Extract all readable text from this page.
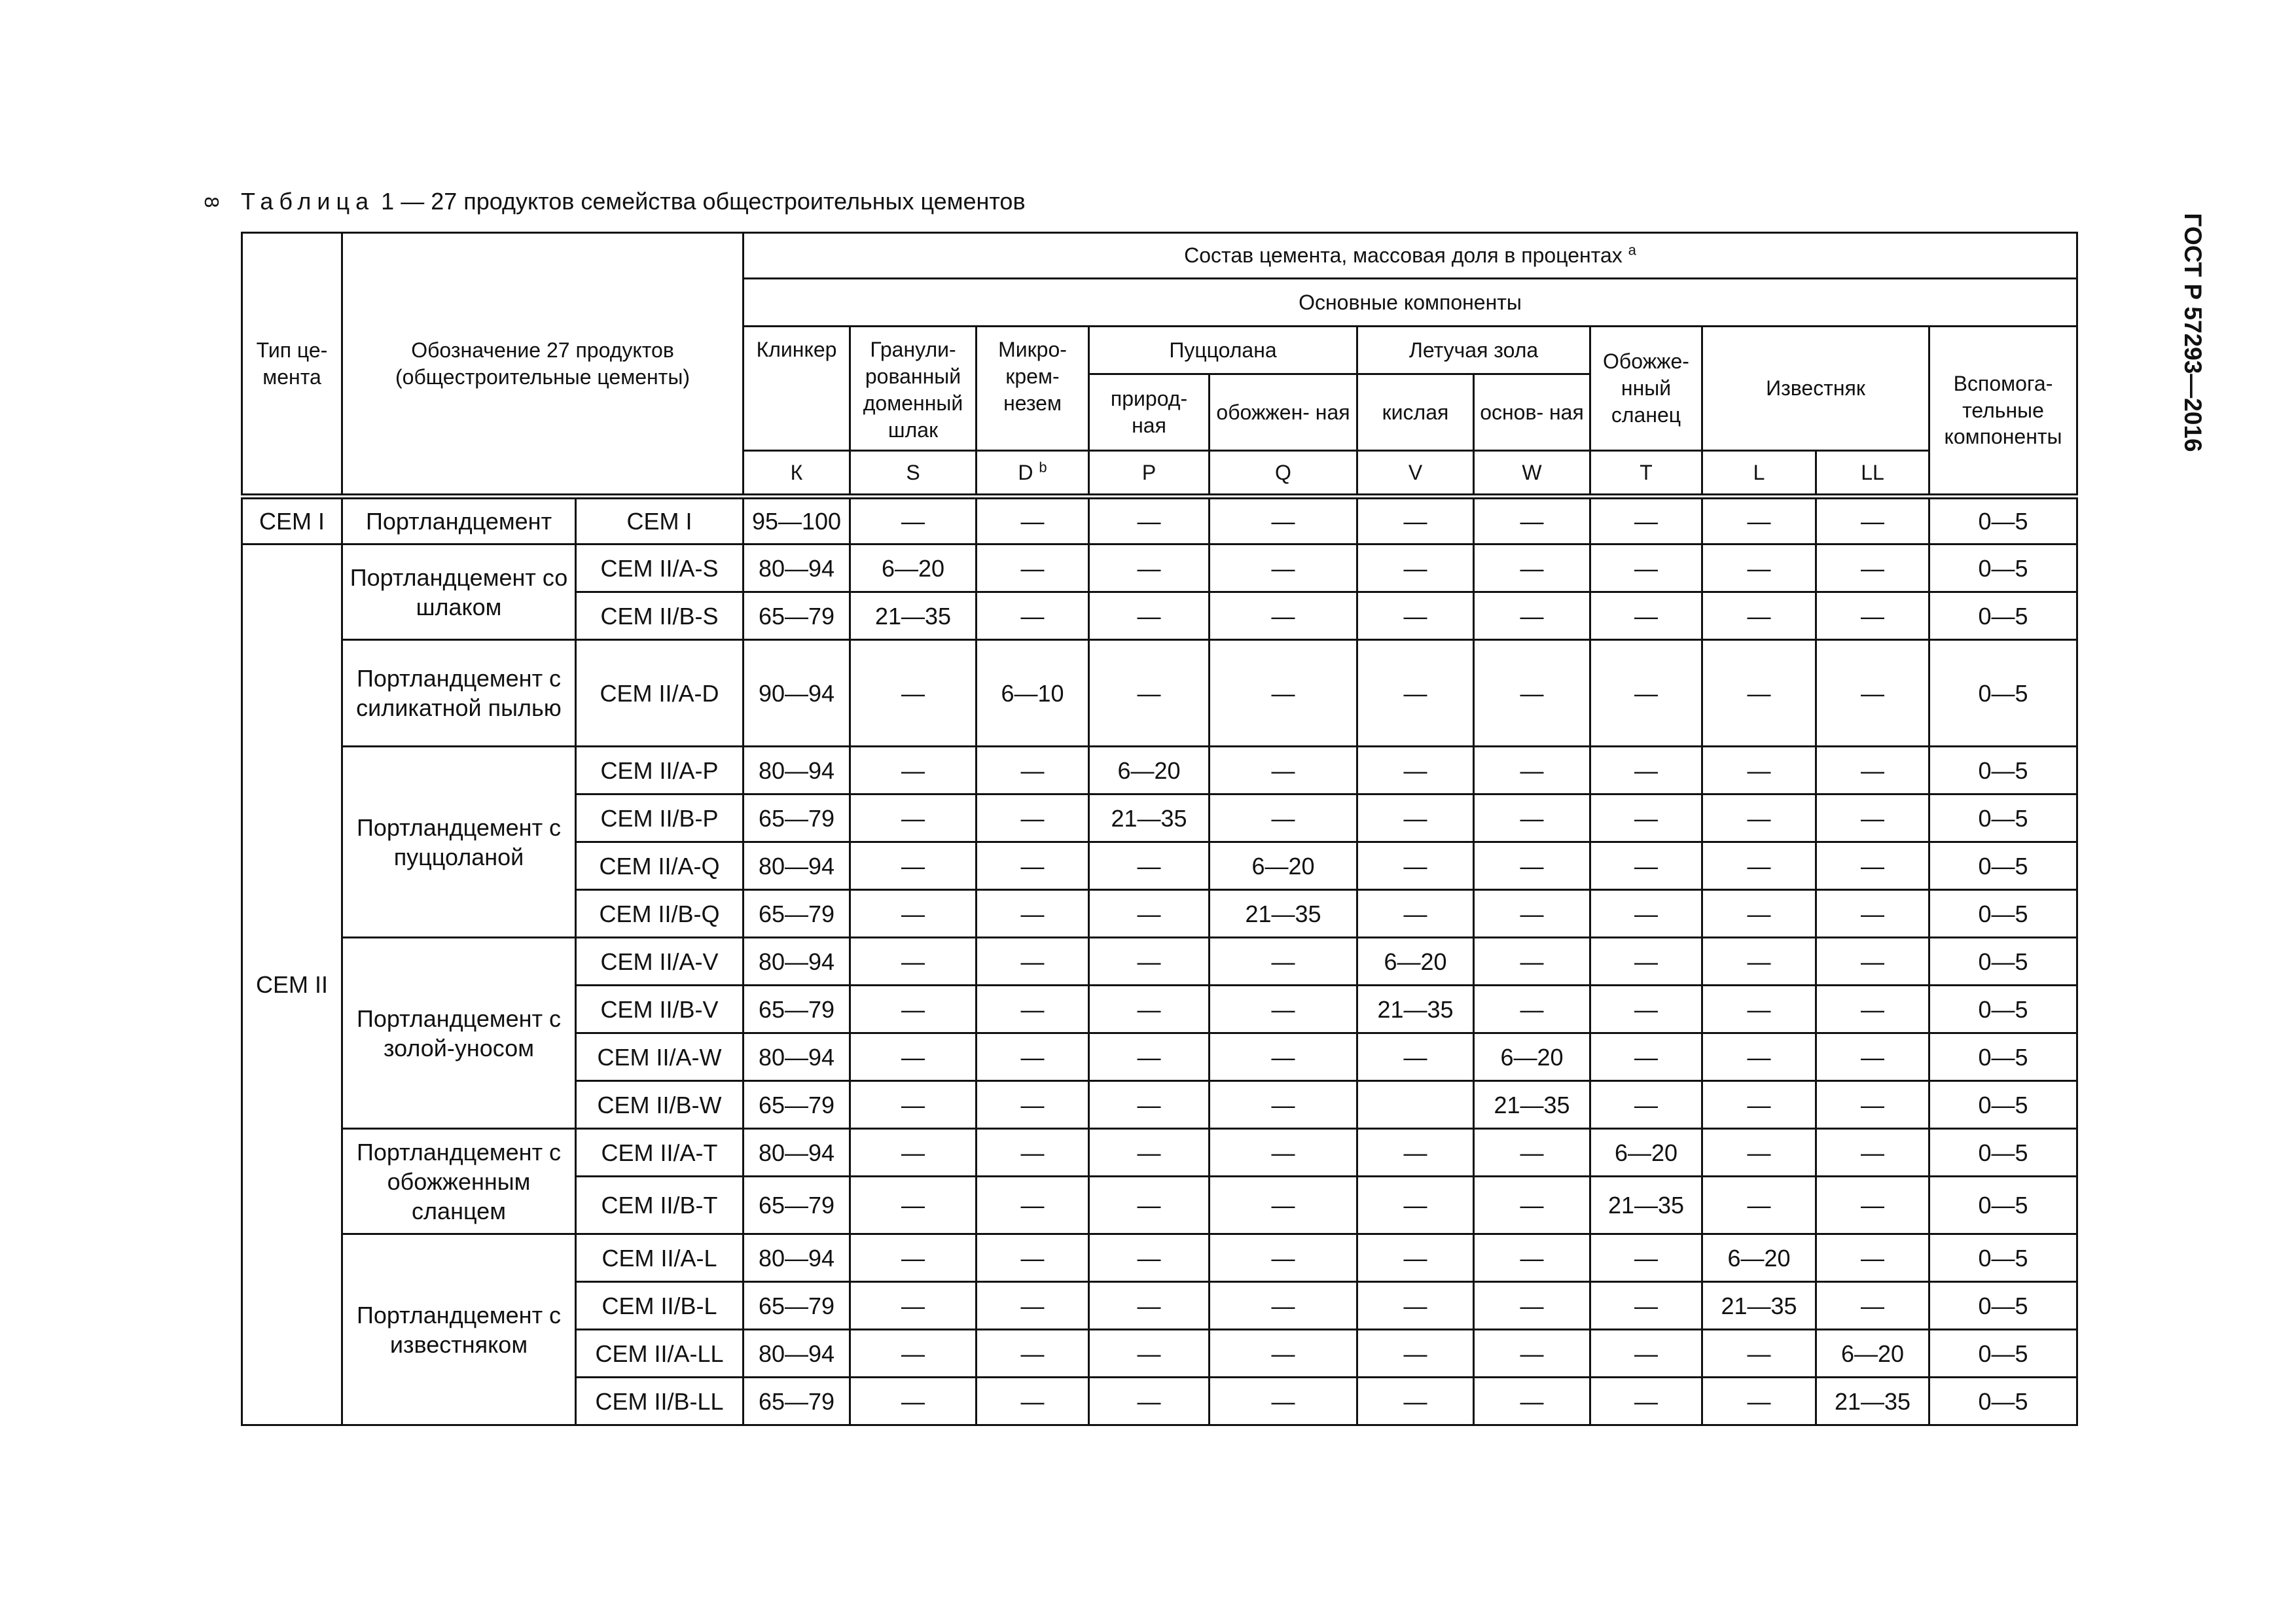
8 Таблица 1 — 27 продуктов семейства общестроительных цементов
ГОСТ Р 57293—2016
Тип це- мента	Обозначение 27 продуктов (общестроительные цементы)		Состав цемента, массовая доля в процентах $^a$
			Основные компоненты										
			Клинкер	Гранули- рованный доменный шлак	Микро- крем- незем	Пуццолана		Летучая зола		Обожже- нный сланец	Известняк		Вспомога- тельные компоненты
						природ- ная	обожжен- ная	кислая	основ- ная				
			К	S	D $^b$	P	Q	V	W	T	L	LL	
CEM I	Портландцемент	CEM I	95—100	—	—	—	—	—	—	—	—	—	0—5
CEM II	Портландцемент со шлаком	CEM II/A-S	80—94	6—20	—	—	—	—	—	—	—	—	0—5
		CEM II/B-S	65—79	21—35	—	—	—	—	—	—	—	—	0—5
	Портландцемент с силикатной пылью	CEM II/A-D	90—94	—	6—10	—	—	—	—	—	—	—	0—5
	Портландцемент с пуццоланой	CEM II/A-P	80—94	—	—	6—20	—	—	—	—	—	—	0—5
		CEM II/B-P	65—79	—	—	21—35	—	—	—	—	—	—	0—5
		CEM II/A-Q	80—94	—	—	—	6—20	—	—	—	—	—	0—5
		CEM II/B-Q	65—79	—	—	—	21—35	—	—	—	—	—	0—5
	Портландцемент с золой-уносом	CEM II/A-V	80—94	—	—	—	—	6—20	—	—	—	—	0—5
		CEM II/B-V	65—79	—	—	—	—	21—35	—	—	—	—	0—5
		CEM II/A-W	80—94	—	—	—	—	—	6—20	—	—	—	0—5
		CEM II/B-W	65—79	—	—	—	—		21—35	—	—	—	0—5
	Портландцемент с обожженным сланцем	CEM II/A-T	80—94	—	—	—	—	—	—	6—20	—	—	0—5
		CEM II/B-T	65—79	—	—	—	—	—	—	21—35	—	—	0—5
	Портландцемент с известняком	CEM II/A-L	80—94	—	—	—	—	—	—	—	6—20	—	0—5
		CEM II/B-L	65—79	—	—	—	—	—	—	—	21—35	—	0—5
		CEM II/A-LL	80—94	—	—	—	—	—	—	—	—	6—20	0—5
		CEM II/B-LL	65—79	—	—	—	—	—	—	—	—	21—35	0—5
